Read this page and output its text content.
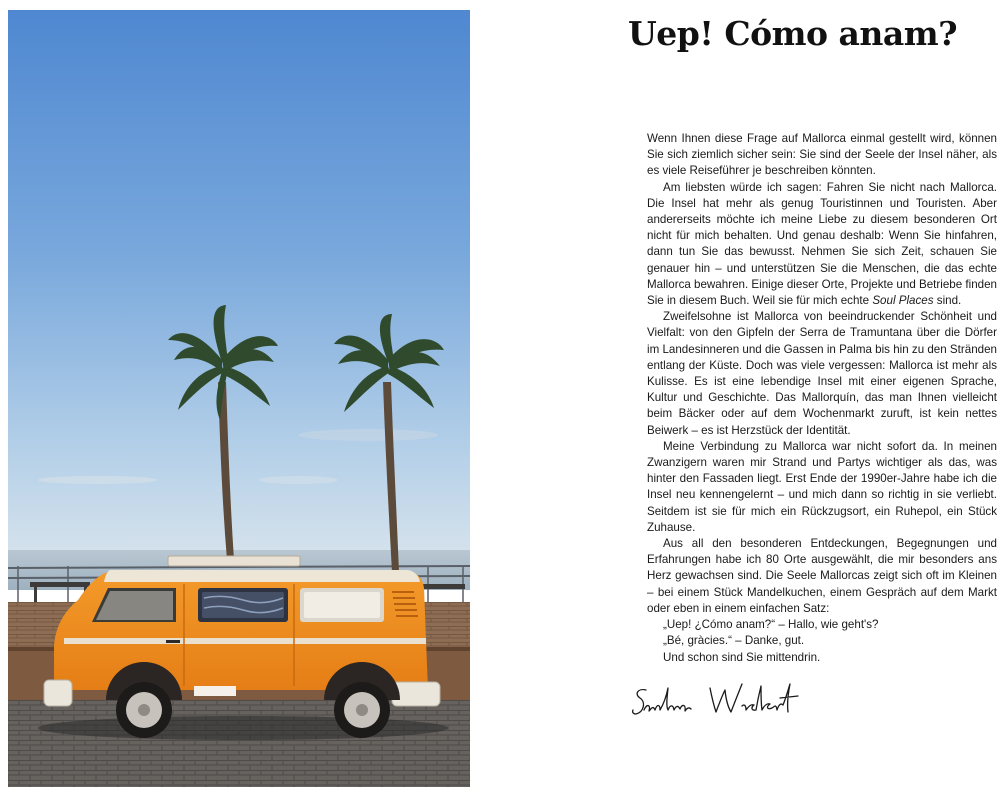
Uep! Cómo anam?

Wenn Ihnen diese Frage auf Mallorca einmal gestellt wird, können Sie sich ziemlich sicher sein: Sie sind der Seele der Insel näher, als es viele Reiseführer je beschreiben könnten.

Am liebsten würde ich sagen: Fahren Sie nicht nach Mallorca. Die Insel hat mehr als genug Touristinnen und Touristen. Aber andererseits möchte ich meine Liebe zu diesem besonderen Ort nicht für mich behalten. Und genau deshalb: Wenn Sie hinfahren, dann tun Sie das bewusst. Nehmen Sie sich Zeit, schauen Sie genauer hin – und unterstützen Sie die Menschen, die das echte Mallorca bewahren. Einige dieser Orte, Projekte und Betriebe finden Sie in diesem Buch. Weil sie für mich echte Soul Places sind.

Zweifelsohne ist Mallorca von beeindruckender Schönheit und Vielfalt: von den Gipfeln der Serra de Tramuntana über die Dörfer im Landesinneren und die Gassen in Palma bis hin zu den Stränden entlang der Küste. Doch was viele vergessen: Mallorca ist mehr als Kulisse. Es ist eine lebendige Insel mit einer eigenen Sprache, Kultur und Geschichte. Das Mallorquín, das man Ihnen vielleicht beim Bäcker oder auf dem Wochenmarkt zuruft, ist kein nettes Beiwerk – es ist Herzstück der Identität.

Meine Verbindung zu Mallorca war nicht sofort da. In meinen Zwanzigern waren mir Strand und Partys wichtiger als das, was hinter den Fassaden liegt. Erst Ende der 1990er-Jahre habe ich die Insel neu kennengelernt – und mich dann so richtig in sie verliebt. Seitdem ist sie für mich ein Rückzugsort, ein Ruhepol, ein Stück Zuhause.

Aus all den besonderen Entdeckungen, Begegnungen und Erfahrungen habe ich 80 Orte ausgewählt, die mir besonders ans Herz gewachsen sind. Die Seele Mallorcas zeigt sich oft im Kleinen – bei einem Stück Mandelkuchen, einem Gespräch auf dem Markt oder eben in einem einfachen Satz:

„Uep! ¿Cómo anam?“ – Hallo, wie geht's?

„Bé, gràcies.“ – Danke, gut.

Und schon sind Sie mittendrin.
